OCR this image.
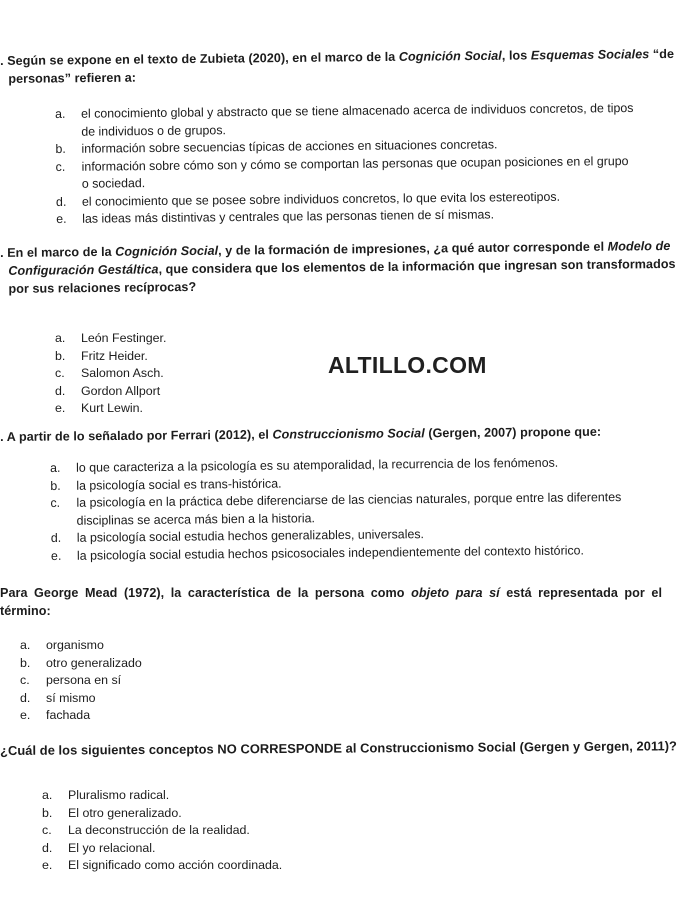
. Según se expone en el texto de Zubieta (2020), en el marco de la Cognición Social, los Esquemas Sociales “de
personas” refieren a:
a.	el conocimiento global y abstracto que se tiene almacenado acerca de individuos concretos, de tipos
de individuos o de grupos.
b.	información sobre secuencias típicas de acciones en situaciones concretas.
c.	información sobre cómo son y cómo se comportan las personas que ocupan posiciones en el grupo
o sociedad.
d.	el conocimiento que se posee sobre individuos concretos, lo que evita los estereotipos.
e.	las ideas más distintivas y centrales que las personas tienen de sí mismas.
. En el marco de la Cognición Social, y de la formación de impresiones, ¿a qué autor corresponde el Modelo de
Configuración Gestáltica, que considera que los elementos de la información que ingresan son transformados
por sus relaciones recíprocas?
a.	León Festinger.
b.	Fritz Heider.
c.	Salomon Asch.
d.	Gordon Allport
e.	Kurt Lewin.
ALTILLO.COM
. A partir de lo señalado por Ferrari (2012), el Construccionismo Social (Gergen, 2007) propone que:
a.	lo que caracteriza a la psicología es su atemporalidad, la recurrencia de los fenómenos.
b.	la psicología social es trans-histórica.
c.	la psicología en la práctica debe diferenciarse de las ciencias naturales, porque entre las diferentes
disciplinas se acerca más bien a la historia.
d.	la psicología social estudia hechos generalizables, universales.
e.	la psicología social estudia hechos psicosociales independientemente del contexto histórico.
Para George Mead (1972), la característica de la persona como objeto para sí está representada por el
término:
a.	organismo
b.	otro generalizado
c.	persona en sí
d.	sí mismo
e.	fachada
¿Cuál de los siguientes conceptos NO CORRESPONDE al Construccionismo Social (Gergen y Gergen, 2011)?
a.	Pluralismo radical.
b.	El otro generalizado.
c.	La deconstrucción de la realidad.
d.	El yo relacional.
e.	El significado como acción coordinada.
